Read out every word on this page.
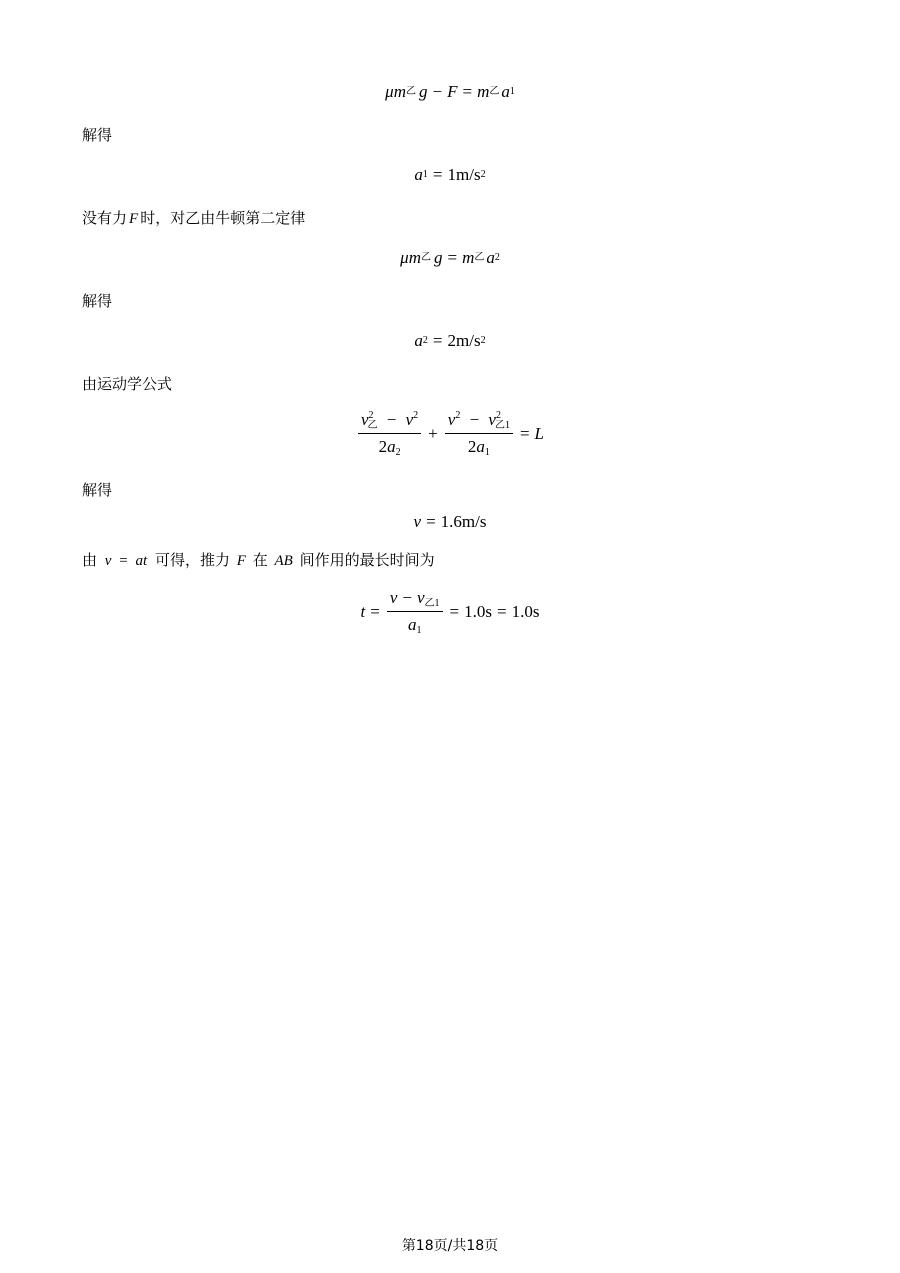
μ m 乙 g − F = m 乙 a 1
解得
a 1 = 1m/s 2
没有力 F 时，对乙由牛顿第二定律
μ m 乙 g = m 乙 a 2
解得
a 2 = 2m/s 2
由运动学公式
$\frac{v^2_乙 - v^2}{2a_2} + \frac{v^2 - v^2_{乙1}}{2a_1} = L$
解得
v = 1.6m/s
由 v = at 可得，推力 F 在 AB 间作用的最长时间为
$t = \frac{v - v_{乙1}}{a_1} = 1.0s = 1.0s$
第18页/共18页
